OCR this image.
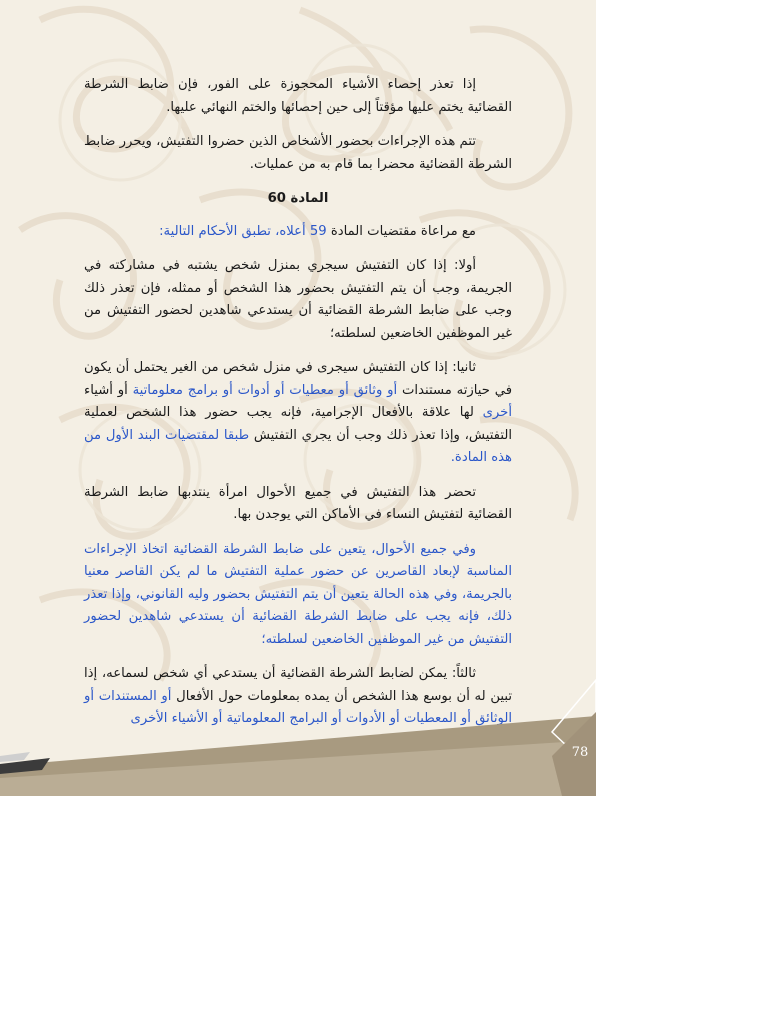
إذا تعذر إحصاء الأشياء المحجوزة على الفور، فإن ضابط الشرطة القضائية يختم عليها مؤقتاً إلى حين إحصائها والختم النهائي عليها.

تتم هذه الإجراءات بحضور الأشخاص الذين حضروا التفتيش، ويحرر ضابط الشرطة القضائية محضرا بما قام به من عمليات.

المادة 60

مع مراعاة مقتضيات المادة 59 أعلاه، تطبق الأحكام التالية:

أولا: إذا كان التفتيش سيجري بمنزل شخص يشتبه في مشاركته في الجريمة، وجب أن يتم التفتيش بحضور هذا الشخص أو ممثله، فإن تعذر ذلك وجب على ضابط الشرطة القضائية أن يستدعي شاهدين لحضور التفتيش من غير الموظفين الخاضعين لسلطته؛

ثانيا: إذا كان التفتيش سيجرى في منزل شخص من الغير يحتمل أن يكون في حيازته مستندات أو وثائق أو معطيات أو أدوات أو برامج معلوماتية أو أشياء أخرى لها علاقة بالأفعال الإجرامية، فإنه يجب حضور هذا الشخص لعملية التفتيش، وإذا تعذر ذلك وجب أن يجري التفتيش طبقا لمقتضيات البند الأول من هذه المادة.

تحضر هذا التفتيش في جميع الأحوال امرأة ينتدبها ضابط الشرطة القضائية لتفتيش النساء في الأماكن التي يوجدن بها.

وفي جميع الأحوال، يتعين على ضابط الشرطة القضائية اتخاذ الإجراءات المناسبة لإبعاد القاصرين عن حضور عملية التفتيش ما لم يكن القاصر معنيا بالجريمة، وفي هذه الحالة يتعين أن يتم التفتيش بحضور وليه القانوني، وإذا تعذر ذلك، فإنه يجب على ضابط الشرطة القضائية أن يستدعي شاهدين لحضور التفتيش من غير الموظفين الخاضعين لسلطته؛

ثالثاً: يمكن لضابط الشرطة القضائية أن يستدعي أي شخص لسماعه، إذا تبين له أن بوسع هذا الشخص أن يمده بمعلومات حول الأفعال أو المستندات أو الوثائق أو المعطيات أو الأدوات أو البرامج المعلوماتية أو الأشياء الأخرى

78
